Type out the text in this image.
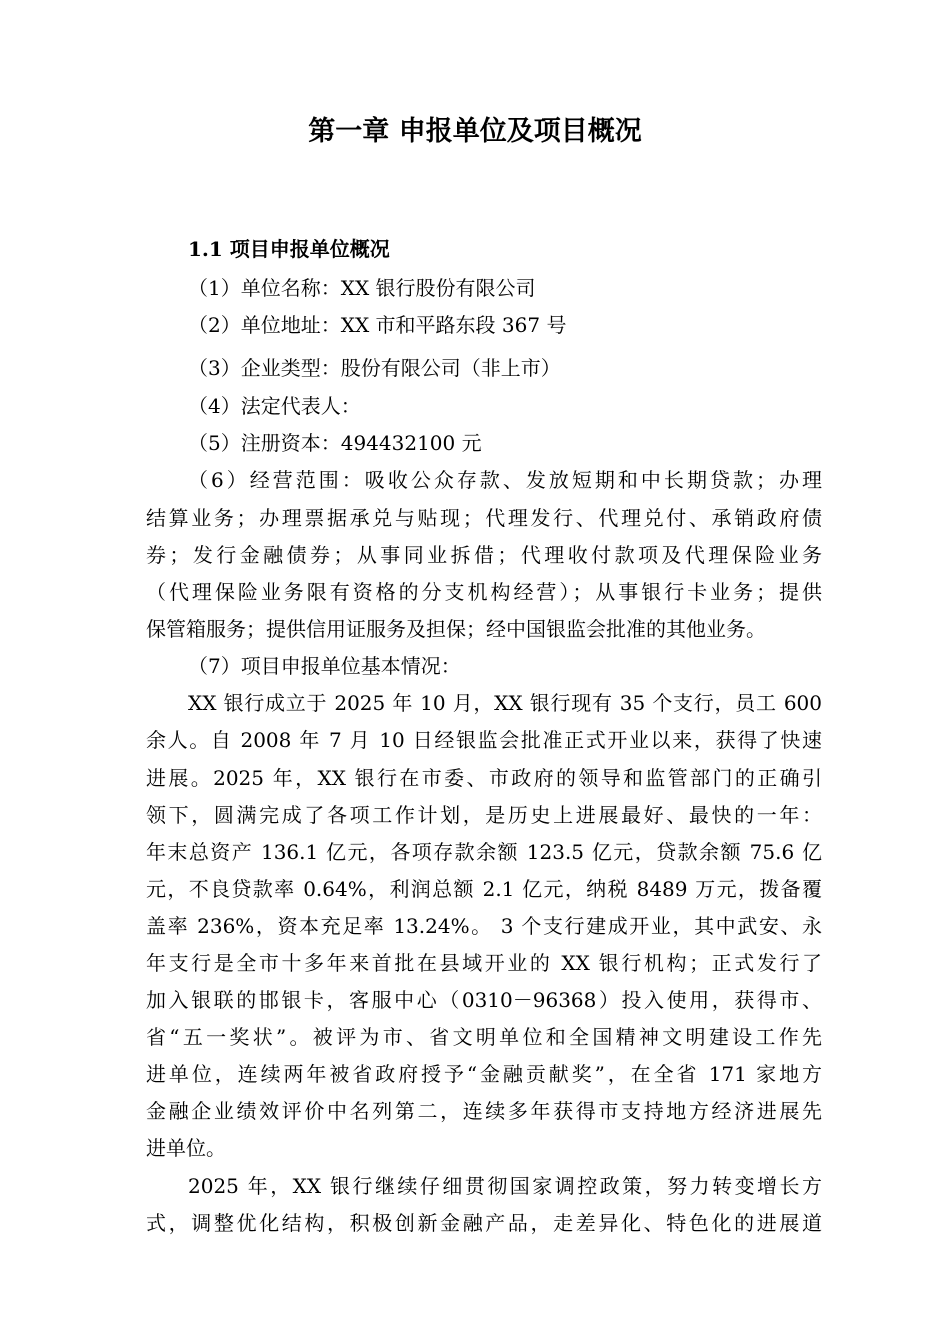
第一章 申报单位及项目概况
1.1 项目申报单位概况

（1）单位名称：XX 银行股份有限公司

（2）单位地址：XX 市和平路东段 367 号

（3）企业类型：股份有限公司（非上市）

（4）法定代表人：

（5）注册资本：494432100 元

（6）经营范围：吸收公众存款、发放短期和中长期贷款；办理

结算业务；办理票据承兑与贴现；代理发行、代理兑付、承销政府债

券；发行金融债券；从事同业拆借；代理收付款项及代理保险业务

（代理保险业务限有资格的分支机构经营）；从事银行卡业务；提供

保管箱服务；提供信用证服务及担保；经中国银监会批准的其他业务。

（7）项目申报单位基本情况：

XX 银行成立于 2025 年 10 月，XX 银行现有 35 个支行，员工 600

余人。自 2008 年 7 月 10 日经银监会批准正式开业以来，获得了快速

进展。2025 年，XX 银行在市委、市政府的领导和监管部门的正确引

领下，圆满完成了各项工作计划，是历史上进展最好、最快的一年：

年末总资产 136.1 亿元，各项存款余额 123.5 亿元，贷款余额 75.6 亿

元，不良贷款率 0.64%，利润总额 2.1 亿元，纳税 8489 万元，拨备覆

盖率 236%，资本充足率 13.24%。 3 个支行建成开业，其中武安、永

年支行是全市十多年来首批在县域开业的 XX 银行机构；正式发行了

加入银联的邯银卡，客服中心（0310－96368）投入使用，获得市、

省“五一奖状”。被评为市、省文明单位和全国精神文明建设工作先

进单位，连续两年被省政府授予“金融贡献奖”，在全省 171 家地方

金融企业绩效评价中名列第二，连续多年获得市支持地方经济进展先

进单位。

2025 年，XX 银行继续仔细贯彻国家调控政策，努力转变增长方

式，调整优化结构，积极创新金融产品，走差异化、特色化的进展道
